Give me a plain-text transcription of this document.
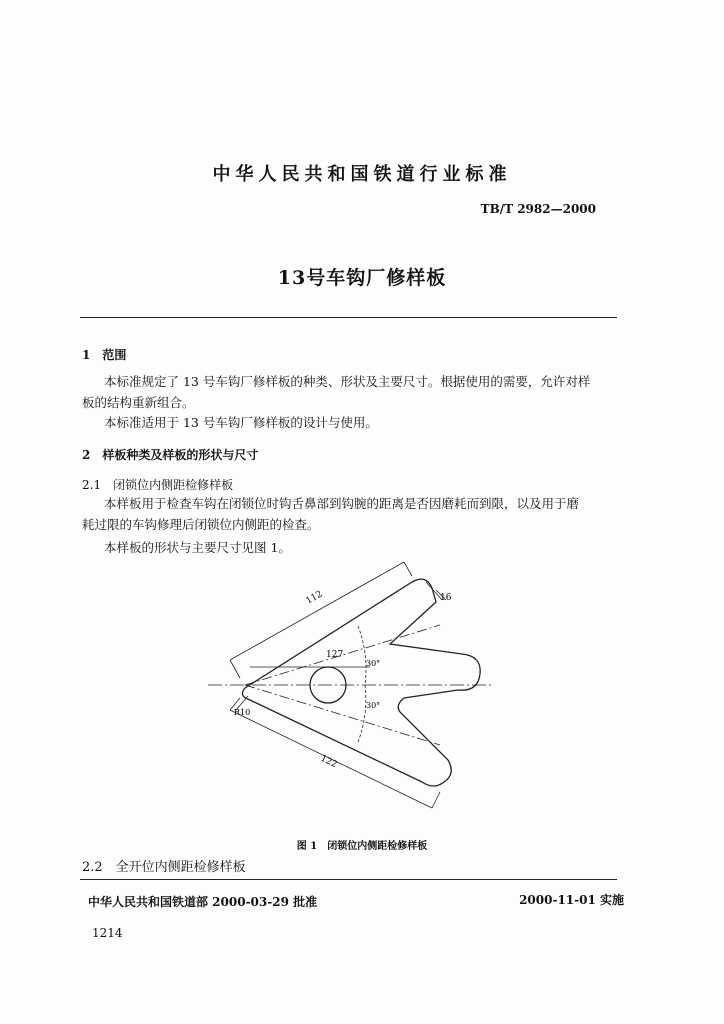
中华人民共和国铁道行业标准
TB/T 2982—2000
13号车钩厂修样板
1　范围
本标准规定了 13 号车钩厂修样板的种类、形状及主要尺寸。根据使用的需要，允许对样
板的结构重新组合。
本标准适用于 13 号车钩厂修样板的设计与使用。
2　样板种类及样板的形状与尺寸
2.1　闭锁位内侧距检修样板
本样板用于检查车钩在闭锁位时钩舌鼻部到钩腕的距离是否因磨耗而到限，以及用于磨
耗过限的车钩修理后闭锁位内侧距的检查。
本样板的形状与主要尺寸见图 1。
112
127
122
30°
30°
R10
16
图 1　闭锁位内侧距检修样板
2.2　全开位内侧距检修样板
中华人民共和国铁道部 2000-03-29 批准	2000-11-01 实施
1214
